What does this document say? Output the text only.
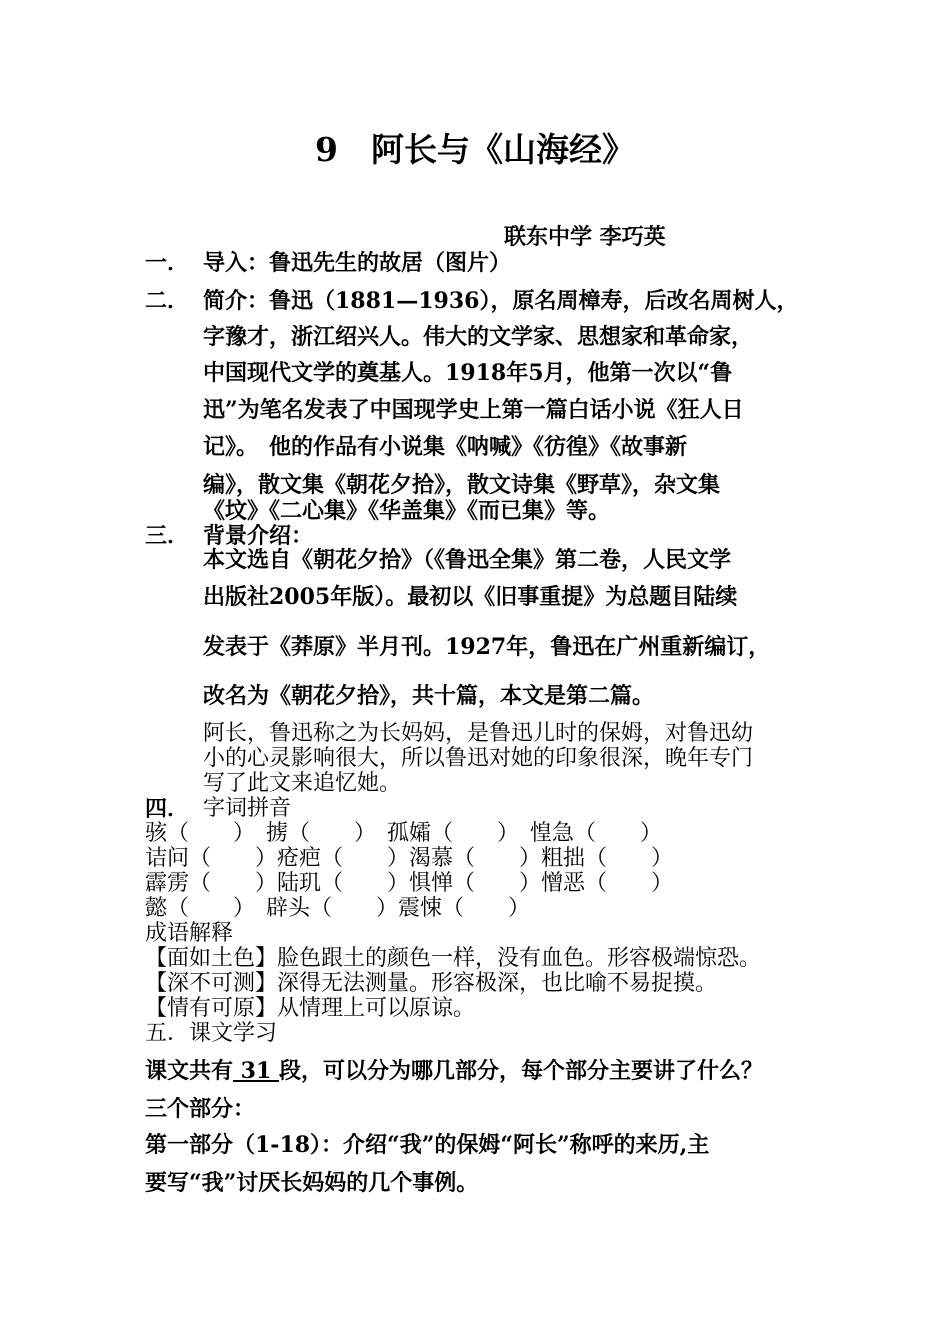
9　阿长与《山海经》
联东中学 李巧英
一． 导入：鲁迅先生的故居（图片）
二． 简介：鲁迅（1881—1936），原名周樟寿，后改名周树人，
字豫才，浙江绍兴人。伟大的文学家、思想家和革命家，
中国现代文学的奠基人。1918年5月，他第一次以“鲁
迅”为笔名发表了中国现学史上第一篇白话小说《狂人日
记》。　他的作品有小说集《呐喊》《彷徨》《故事新
编》，散文集《朝花夕拾》，散文诗集《野草》，杂文集
《坟》《二心集》《华盖集》《而已集》等。
三． 背景介绍：
本文选自《朝花夕拾》（《鲁迅全集》第二卷，人民文学
出版社2005年版）。最初以《旧事重提》为总题目陆续
发表于《莽原》半月刊。1927年，鲁迅在广州重新编订，
改名为《朝花夕拾》，共十篇，本文是第二篇。
阿长，鲁迅称之为长妈妈，是鲁迅儿时的保姆，对鲁迅幼
小的心灵影响很大，所以鲁迅对她的印象很深，晚年专门
写了此文来追忆她。
四． 字词拼音
骇（　　）　掳（　　）　孤孀（　　）　惶急（　　）
诘问（　　）疮疤（　　）渴慕（　　）粗拙（　　）
霹雳（　　）陆玑（　　）惧惮（　　）憎恶（　　）
懿（　　）　辟头（　　）震悚（　　）
成语解释
【面如土色】脸色跟土的颜色一样，没有血色。形容极端惊恐。
【深不可测】深得无法测量。形容极深，也比喻不易捉摸。
【情有可原】从情理上可以原谅。
五．课文学习
课文共有 31 段，可以分为哪几部分，每个部分主要讲了什么？
三个部分：
第一部分（1-18）：介绍“我”的保姆“阿长”称呼的来历,主
要写“我”讨厌长妈妈的几个事例。
